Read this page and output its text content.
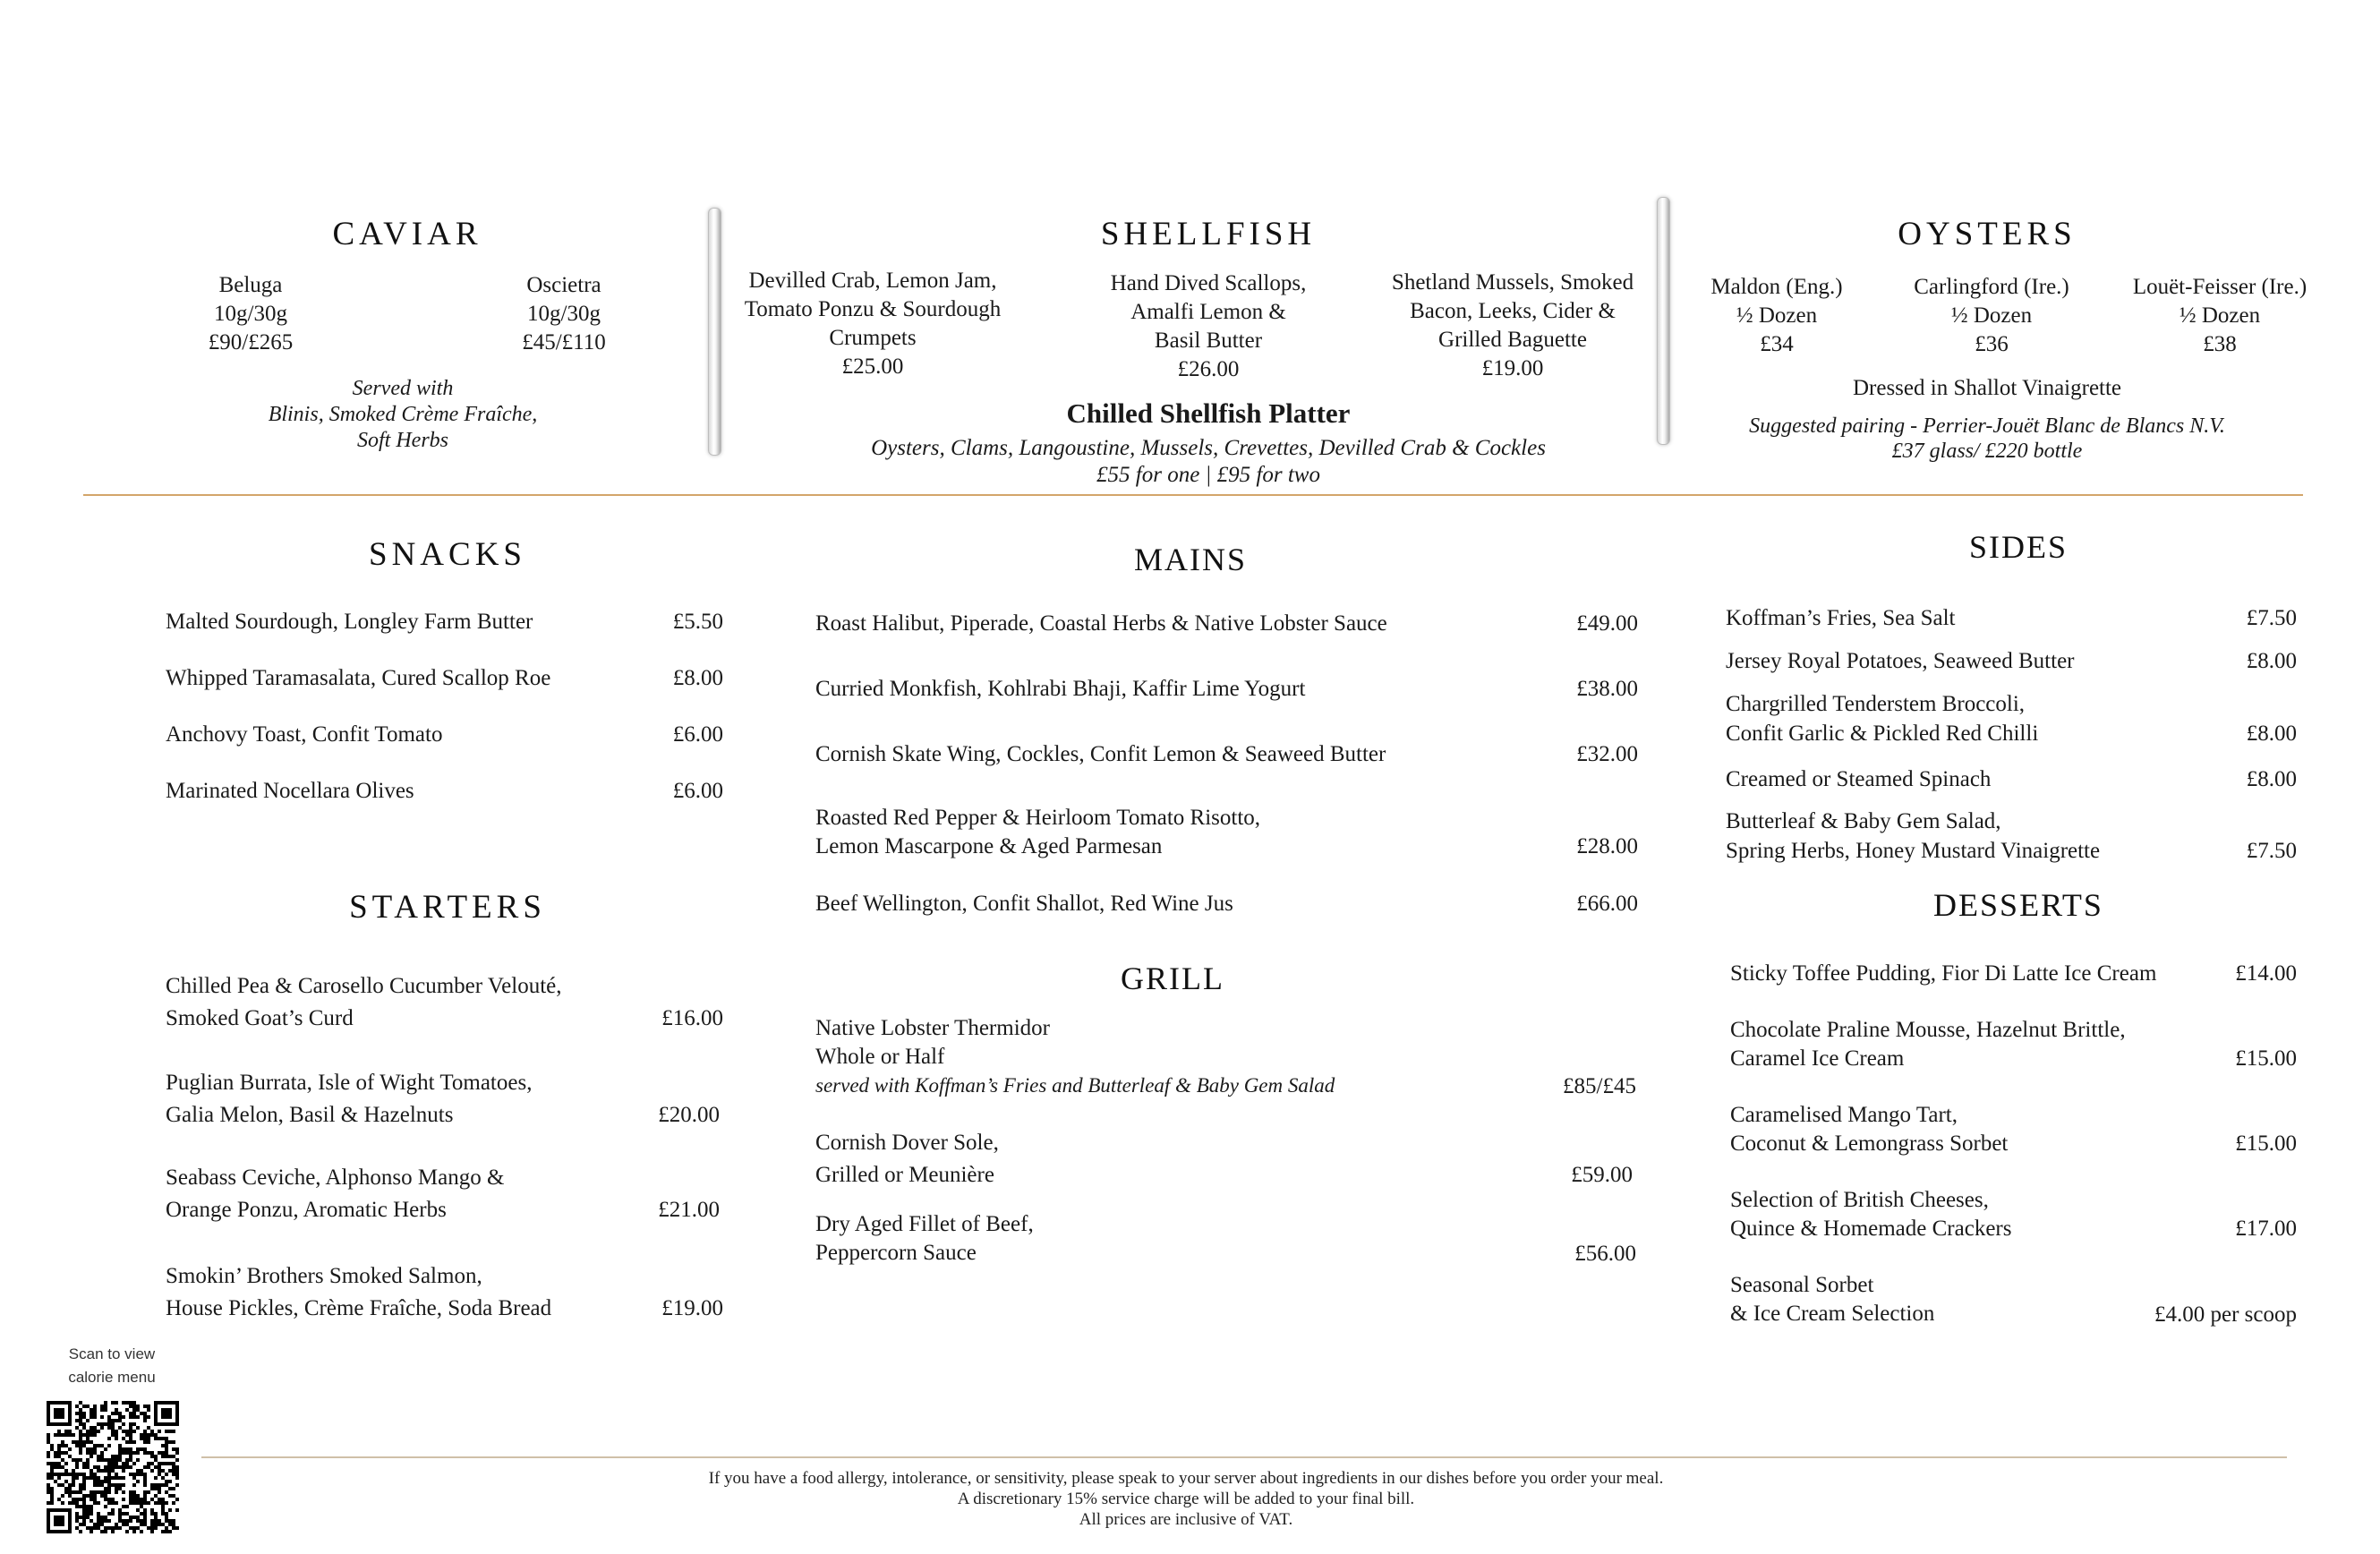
CAVIAR
Beluga
10g/30g
£90/£265
Oscietra
10g/30g
£45/£110
Served with
Blinis, Smoked Crème Fraîche,
Soft Herbs
SHELLFISH
Devilled Crab, Lemon Jam,
Tomato Ponzu & Sourdough
Crumpets
£25.00
Hand Dived Scallops,
Amalfi Lemon &
Basil Butter
£26.00
Shetland Mussels, Smoked
Bacon, Leeks, Cider &
Grilled Baguette
£19.00
Chilled Shellfish Platter
Oysters, Clams, Langoustine, Mussels, Crevettes, Devilled Crab & Cockles
£55 for one | £95 for two
OYSTERS
Maldon (Eng.)
½ Dozen
£34
Carlingford (Ire.)
½ Dozen
£36
Louët-Feisser (Ire.)
½ Dozen
£38
Dressed in Shallot Vinaigrette
Suggested pairing - Perrier-Jouët Blanc de Blancs N.V.
£37 glass/ £220 bottle
SNACKS
Malted Sourdough, Longley Farm Butter	£5.50
Whipped Taramasalata, Cured Scallop Roe	£8.00
Anchovy Toast, Confit Tomato	£6.00
Marinated Nocellara Olives	£6.00
STARTERS
Chilled Pea & Carosello Cucumber Velouté,
Smoked Goat’s Curd	£16.00
Puglian Burrata, Isle of Wight Tomatoes,
Galia Melon, Basil & Hazelnuts	£20.00
Seabass Ceviche, Alphonso Mango &
Orange Ponzu, Aromatic Herbs	£21.00
Smokin’ Brothers Smoked Salmon,
House Pickles, Crème Fraîche, Soda Bread	£19.00
MAINS
Roast Halibut, Piperade, Coastal Herbs & Native Lobster Sauce	£49.00
Curried Monkfish, Kohlrabi Bhaji, Kaffir Lime Yogurt	£38.00
Cornish Skate Wing, Cockles, Confit Lemon & Seaweed Butter	£32.00
Roasted Red Pepper & Heirloom Tomato Risotto,
Lemon Mascarpone & Aged Parmesan	£28.00
Beef Wellington, Confit Shallot, Red Wine Jus	£66.00
GRILL
Native Lobster Thermidor
Whole or Half
served with Koffman’s Fries and Butterleaf & Baby Gem Salad	£85/£45
Cornish Dover Sole,
Grilled or Meunière	£59.00
Dry Aged Fillet of Beef,
Peppercorn Sauce	£56.00
SIDES
Koffman’s Fries, Sea Salt	£7.50
Jersey Royal Potatoes, Seaweed Butter	£8.00
Chargrilled Tenderstem Broccoli,
Confit Garlic & Pickled Red Chilli	£8.00
Creamed or Steamed Spinach	£8.00
Butterleaf & Baby Gem Salad,
Spring Herbs, Honey Mustard Vinaigrette	£7.50
DESSERTS
Sticky Toffee Pudding, Fior Di Latte Ice Cream	£14.00
Chocolate Praline Mousse, Hazelnut Brittle,
Caramel Ice Cream	£15.00
Caramelised Mango Tart,
Coconut & Lemongrass Sorbet	£15.00
Selection of British Cheeses,
Quince & Homemade Crackers	£17.00
Seasonal Sorbet
& Ice Cream Selection	£4.00 per scoop
Scan to view
calorie menu
If you have a food allergy, intolerance, or sensitivity, please speak to your server about ingredients in our dishes before you order your meal.
A discretionary 15% service charge will be added to your final bill.
All prices are inclusive of VAT.
